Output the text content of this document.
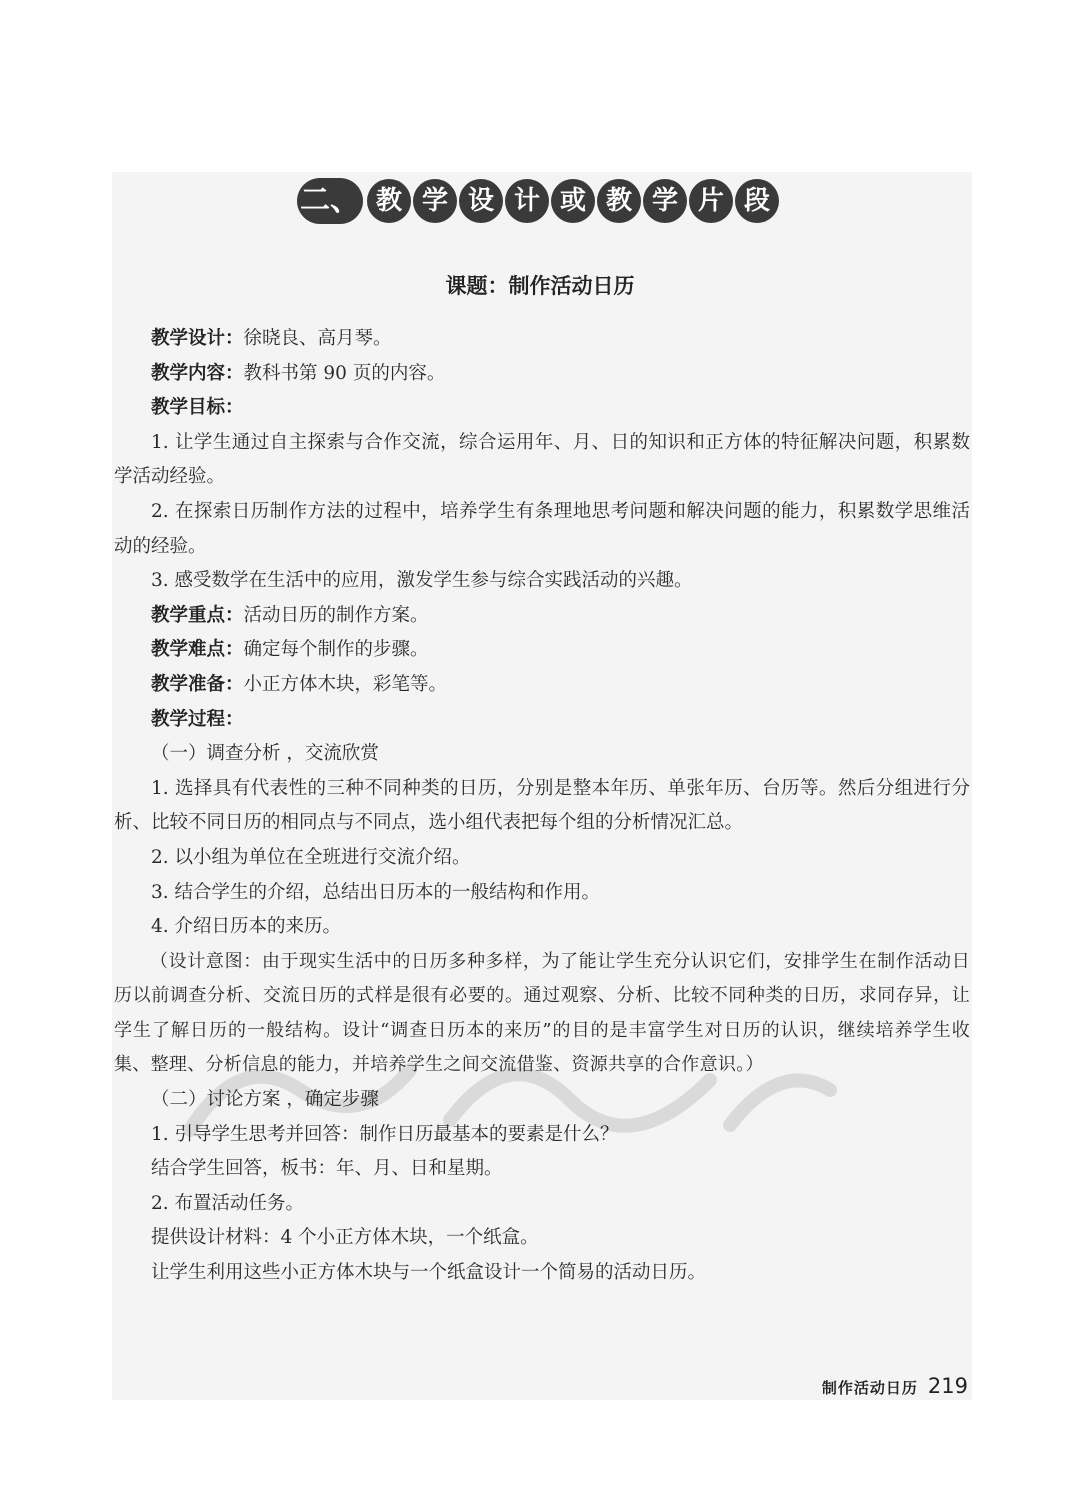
二、 教 学 设 计 或 教 学 片 段
课题：制作活动日历

教学设计：徐晓良、高月琴。

教学内容：教科书第 90 页的内容。

教学目标：

1. 让学生通过自主探索与合作交流，综合运用年、月、日的知识和正方体的特征解决问题，积累数学活动经验。

2. 在探索日历制作方法的过程中，培养学生有条理地思考问题和解决问题的能力，积累数学思维活动的经验。

3. 感受数学在生活中的应用，激发学生参与综合实践活动的兴趣。

教学重点：活动日历的制作方案。

教学难点：确定每个制作的步骤。

教学准备：小正方体木块，彩笔等。

教学过程：

（一）调查分析 ，交流欣赏

1. 选择具有代表性的三种不同种类的日历，分别是整本年历、单张年历、台历等。然后分组进行分析、比较不同日历的相同点与不同点，选小组代表把每个组的分析情况汇总。

2. 以小组为单位在全班进行交流介绍。

3. 结合学生的介绍，总结出日历本的一般结构和作用。

4. 介绍日历本的来历。

（设计意图：由于现实生活中的日历多种多样，为了能让学生充分认识它们，安排学生在制作活动日历以前调查分析、交流日历的式样是很有必要的。通过观察、分析、比较不同种类的日历，求同存异，让学生了解日历的一般结构。设计“调查日历本的来历”的目的是丰富学生对日历的认识，继续培养学生收集、整理、分析信息的能力，并培养学生之间交流借鉴、资源共享的合作意识。）

（二）讨论方案 ，确定步骤

1. 引导学生思考并回答：制作日历最基本的要素是什么？

结合学生回答，板书：年、月、日和星期。

2. 布置活动任务。

提供设计材料：4 个小正方体木块，一个纸盒。

让学生利用这些小正方体木块与一个纸盒设计一个简易的活动日历。

制作活动日历 219
